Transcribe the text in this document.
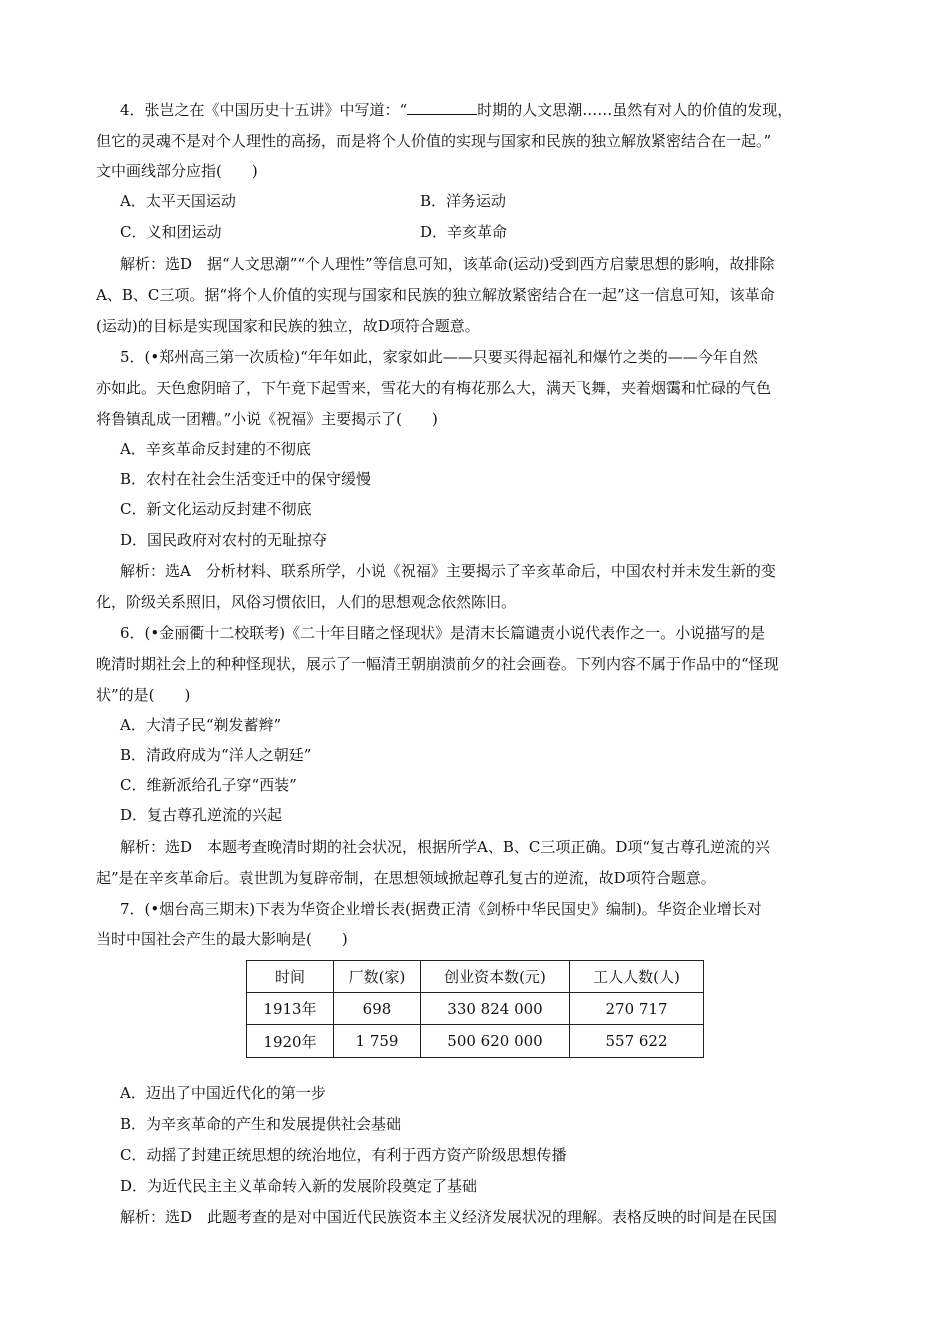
4．张岂之在《中国历史十五讲》中写道：“	时期的人文思潮……虽然有对人的价值的发现，
但它的灵魂不是对个人理性的高扬，而是将个人价值的实现与国家和民族的独立解放紧密结合在一起。”
文中画线部分应指(　　)
A．太平天国运动	B．洋务运动
C．义和团运动	D．辛亥革命
解析：选D　据“人文思潮”“个人理性”等信息可知，该革命(运动)受到西方启蒙思想的影响，故排除
A、B、C三项。据“将个人价值的实现与国家和民族的独立解放紧密结合在一起”这一信息可知，该革命
(运动)的目标是实现国家和民族的独立，故D项符合题意。
5．(•郑州高三第一次质检)“年年如此，家家如此——只要买得起福礼和爆竹之类的——今年自然
亦如此。天色愈阴暗了，下午竟下起雪来，雪花大的有梅花那么大，满天飞舞，夹着烟霭和忙碌的气色
将鲁镇乱成一团糟。”小说《祝福》主要揭示了(　　)
A．辛亥革命反封建的不彻底
B．农村在社会生活变迁中的保守缓慢
C．新文化运动反封建不彻底
D．国民政府对农村的无耻掠夺
解析：选A　分析材料、联系所学，小说《祝福》主要揭示了辛亥革命后，中国农村并未发生新的变
化，阶级关系照旧，风俗习惯依旧，人们的思想观念依然陈旧。
6．(•金丽衢十二校联考)《二十年目睹之怪现状》是清末长篇谴责小说代表作之一。小说描写的是
晚清时期社会上的种种怪现状，展示了一幅清王朝崩溃前夕的社会画卷。下列内容不属于作品中的“怪现
状”的是(　　)
A．大清子民“剃发蓄辫”
B．清政府成为“洋人之朝廷”
C．维新派给孔子穿“西装”
D．复古尊孔逆流的兴起
解析：选D　本题考查晚清时期的社会状况，根据所学A、B、C三项正确。D项“复古尊孔逆流的兴
起”是在辛亥革命后。袁世凯为复辟帝制，在思想领域掀起尊孔复古的逆流，故D项符合题意。
7．(•烟台高三期末)下表为华资企业增长表(据费正清《剑桥中华民国史》编制)。华资企业增长对
当时中国社会产生的最大影响是(　　)
时间	厂数(家)	创业资本数(元)	工人人数(人)
1913年	698	330 824 000	270 717
1920年	1 759	500 620 000	557 622
A．迈出了中国近代化的第一步
B．为辛亥革命的产生和发展提供社会基础
C．动摇了封建正统思想的统治地位，有利于西方资产阶级思想传播
D．为近代民主主义革命转入新的发展阶段奠定了基础
解析：选D　此题考查的是对中国近代民族资本主义经济发展状况的理解。表格反映的时间是在民国
